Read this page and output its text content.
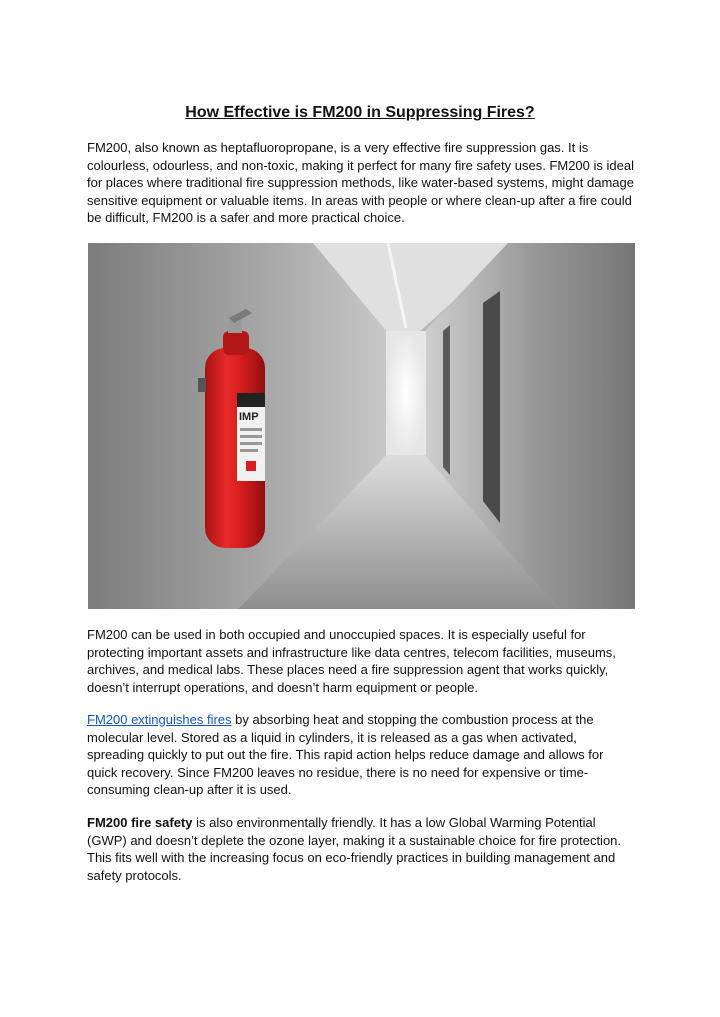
How Effective is FM200 in Suppressing Fires?

FM200, also known as heptafluoropropane, is a very effective fire suppression gas. It is colourless, odourless, and non-toxic, making it perfect for many fire safety uses. FM200 is ideal for places where traditional fire suppression methods, like water-based systems, might damage sensitive equipment or valuable items. In areas with people or where clean-up after a fire could be difficult, FM200 is a safer and more practical choice.

IMP

FM200 can be used in both occupied and unoccupied spaces. It is especially useful for protecting important assets and infrastructure like data centres, telecom facilities, museums, archives, and medical labs. These places need a fire suppression agent that works quickly, doesn’t interrupt operations, and doesn’t harm equipment or people.

FM200 extinguishes fires by absorbing heat and stopping the combustion process at the molecular level. Stored as a liquid in cylinders, it is released as a gas when activated, spreading quickly to put out the fire. This rapid action helps reduce damage and allows for quick recovery. Since FM200 leaves no residue, there is no need for expensive or time-consuming clean-up after it is used.

FM200 fire safety is also environmentally friendly. It has a low Global Warming Potential (GWP) and doesn’t deplete the ozone layer, making it a sustainable choice for fire protection. This fits well with the increasing focus on eco-friendly practices in building management and safety protocols.
